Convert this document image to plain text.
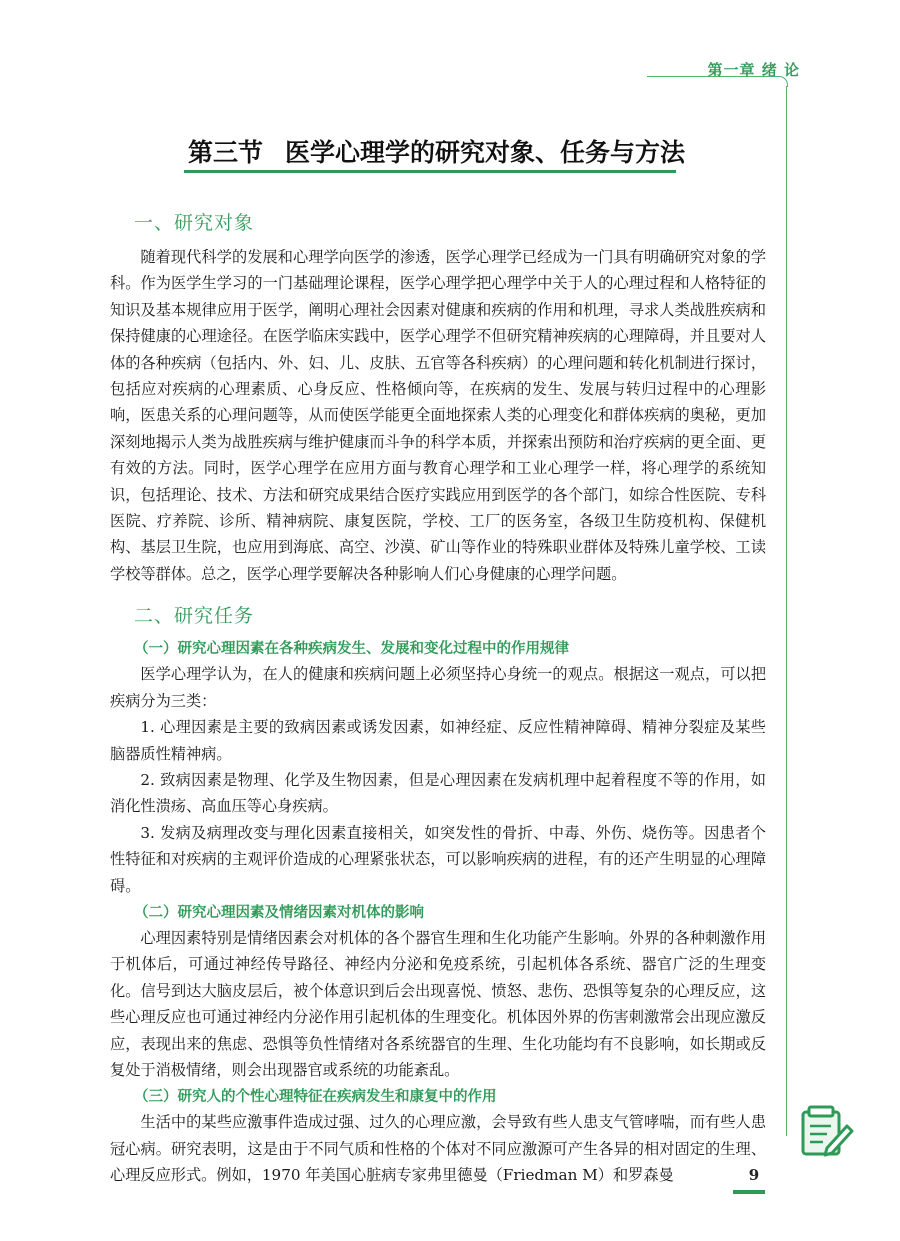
第一章 绪 论
第三节 医学心理学的研究对象、任务与方法
一、研究对象

随着现代科学的发展和心理学向医学的渗透，医学心理学已经成为一门具有明确研究对象的学科。作为医学生学习的一门基础理论课程，医学心理学把心理学中关于人的心理过程和人格特征的知识及基本规律应用于医学，阐明心理社会因素对健康和疾病的作用和机理，寻求人类战胜疾病和保持健康的心理途径。在医学临床实践中，医学心理学不但研究精神疾病的心理障碍，并且要对人体的各种疾病（包括内、外、妇、儿、皮肤、五官等各科疾病）的心理问题和转化机制进行探讨，包括应对疾病的心理素质、心身反应、性格倾向等，在疾病的发生、发展与转归过程中的心理影响，医患关系的心理问题等，从而使医学能更全面地探索人类的心理变化和群体疾病的奥秘，更加深刻地揭示人类为战胜疾病与维护健康而斗争的科学本质，并探索出预防和治疗疾病的更全面、更有效的方法。同时，医学心理学在应用方面与教育心理学和工业心理学一样，将心理学的系统知识，包括理论、技术、方法和研究成果结合医疗实践应用到医学的各个部门，如综合性医院、专科医院、疗养院、诊所、精神病院、康复医院，学校、工厂的医务室，各级卫生防疫机构、保健机构、基层卫生院，也应用到海底、高空、沙漠、矿山等作业的特殊职业群体及特殊儿童学校、工读学校等群体。总之，医学心理学要解决各种影响人们心身健康的心理学问题。

二、研究任务
（一）研究心理因素在各种疾病发生、发展和变化过程中的作用规律

医学心理学认为，在人的健康和疾病问题上必须坚持心身统一的观点。根据这一观点，可以把疾病分为三类：

1. 心理因素是主要的致病因素或诱发因素，如神经症、反应性精神障碍、精神分裂症及某些脑器质性精神病。

2. 致病因素是物理、化学及生物因素，但是心理因素在发病机理中起着程度不等的作用，如消化性溃疡、高血压等心身疾病。

3. 发病及病理改变与理化因素直接相关，如突发性的骨折、中毒、外伤、烧伤等。因患者个性特征和对疾病的主观评价造成的心理紧张状态，可以影响疾病的进程，有的还产生明显的心理障碍。

（二）研究心理因素及情绪因素对机体的影响

心理因素特别是情绪因素会对机体的各个器官生理和生化功能产生影响。外界的各种刺激作用于机体后，可通过神经传导路径、神经内分泌和免疫系统，引起机体各系统、器官广泛的生理变化。信号到达大脑皮层后，被个体意识到后会出现喜悦、愤怒、悲伤、恐惧等复杂的心理反应，这些心理反应也可通过神经内分泌作用引起机体的生理变化。机体因外界的伤害刺激常会出现应激反应，表现出来的焦虑、恐惧等负性情绪对各系统器官的生理、生化功能均有不良影响，如长期或反复处于消极情绪，则会出现器官或系统的功能紊乱。

（三）研究人的个性心理特征在疾病发生和康复中的作用

生活中的某些应激事件造成过强、过久的心理应激，会导致有些人患支气管哮喘，而有些人患冠心病。研究表明，这是由于不同气质和性格的个体对不同应激源可产生各异的相对固定的生理、心理反应形式。例如，1970 年美国心脏病专家弗里德曼（Friedman M）和罗森曼	9
